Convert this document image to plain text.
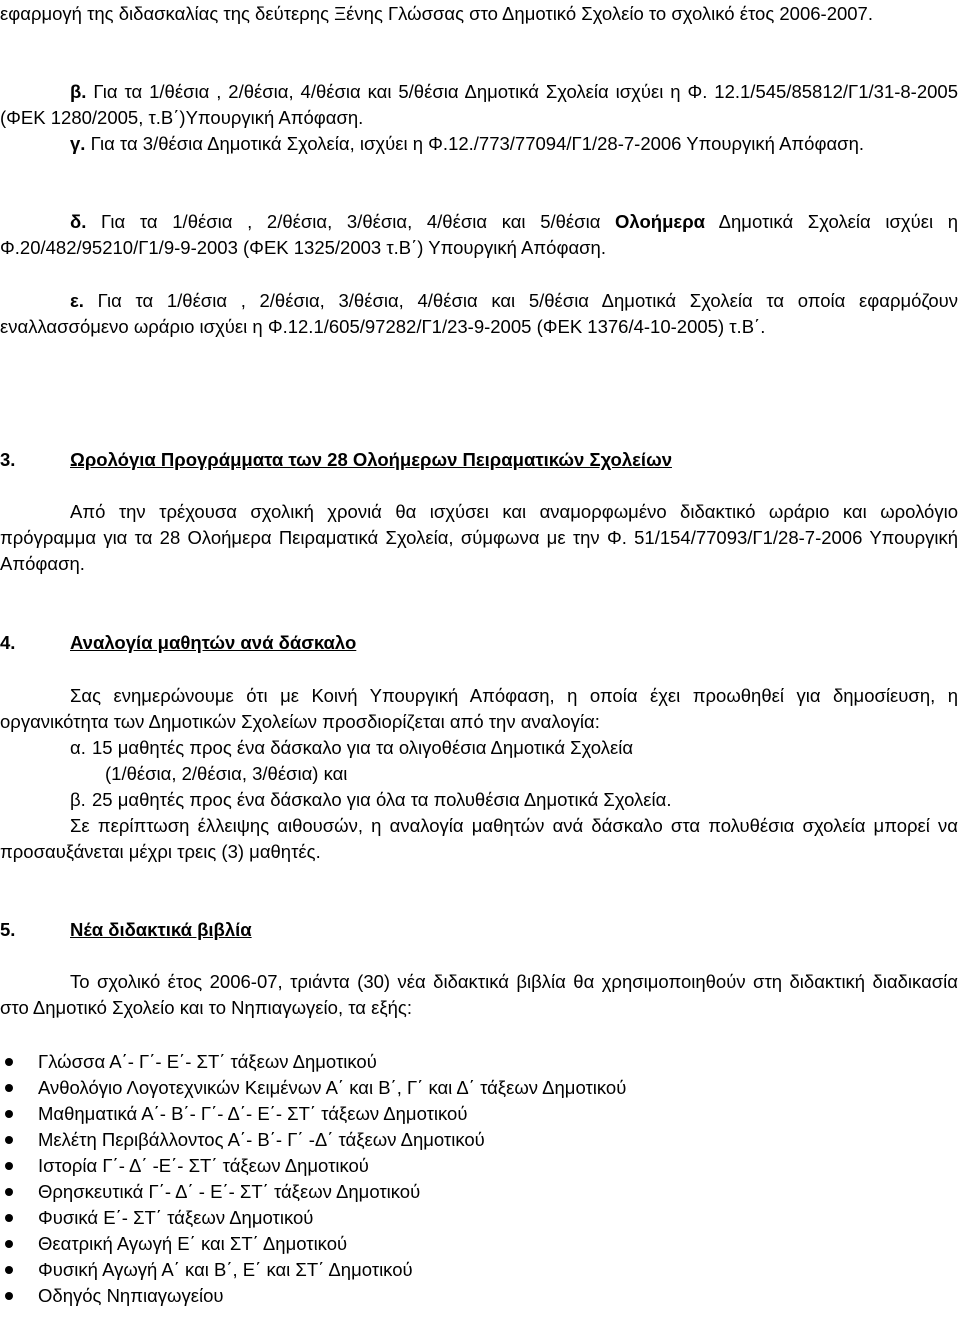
εφαρμογή της διδασκαλίας της δεύτερης Ξένης Γλώσσας στο Δημοτικό Σχολείο το σχολικό έτος 2006-2007.
β. Για τα 1/θέσια , 2/θέσια, 4/θέσια και 5/θέσια Δημοτικά Σχολεία ισχύει η Φ. 12.1/545/85812/Γ1/31-8-2005 (ΦΕΚ 1280/2005, τ.Β΄)Υπουργική Απόφαση.
γ. Για τα 3/θέσια Δημοτικά Σχολεία, ισχύει η Φ.12./773/77094/Γ1/28-7-2006 Υπουργική Απόφαση.
δ. Για τα 1/θέσια , 2/θέσια, 3/θέσια, 4/θέσια και 5/θέσια Ολοήμερα Δημοτικά Σχολεία ισχύει η Φ.20/482/95210/Γ1/9-9-2003 (ΦΕΚ 1325/2003 τ.Β΄) Υπουργική Απόφαση.
ε. Για τα 1/θέσια , 2/θέσια, 3/θέσια, 4/θέσια και 5/θέσια Δημοτικά Σχολεία τα οποία εφαρμόζουν εναλλασσόμενο ωράριο ισχύει η Φ.12.1/605/97282/Γ1/23-9-2005 (ΦΕΚ 1376/4-10-2005) τ.Β΄.
3.	Ωρολόγια Προγράμματα των 28 Ολοήμερων Πειραματικών Σχολείων
Από την τρέχουσα σχολική χρονιά θα ισχύσει και αναμορφωμένο διδακτικό ωράριο και ωρολόγιο πρόγραμμα για τα 28 Ολοήμερα Πειραματικά Σχολεία, σύμφωνα με την Φ. 51/154/77093/Γ1/28-7-2006 Υπουργική Απόφαση.
4.	Αναλογία μαθητών ανά δάσκαλο
Σας ενημερώνουμε ότι με Κοινή Υπουργική Απόφαση, η οποία έχει προωθηθεί για δημοσίευση, η οργανικότητα των Δημοτικών Σχολείων προσδιορίζεται από την αναλογία:
α. 15 μαθητές προς ένα δάσκαλο για τα ολιγοθέσια Δημοτικά Σχολεία
(1/θέσια, 2/θέσια, 3/θέσια) και
β. 25 μαθητές προς ένα δάσκαλο για όλα τα πολυθέσια Δημοτικά Σχολεία.
Σε περίπτωση έλλειψης αιθουσών, η αναλογία μαθητών ανά δάσκαλο στα πολυθέσια σχολεία μπορεί να προσαυξάνεται μέχρι τρεις (3) μαθητές.
5.	Νέα διδακτικά βιβλία
Το σχολικό έτος 2006-07, τριάντα (30) νέα διδακτικά βιβλία θα χρησιμοποιηθούν στη διδακτική διαδικασία στο Δημοτικό Σχολείο και το Νηπιαγωγείο, τα εξής:
Γλώσσα Α΄- Γ΄- Ε΄- ΣΤ΄ τάξεων Δημοτικού
Ανθολόγιο Λογοτεχνικών Κειμένων Α΄ και Β΄, Γ΄ και Δ΄ τάξεων Δημοτικού
Μαθηματικά Α΄- Β΄- Γ΄- Δ΄- Ε΄- ΣΤ΄ τάξεων Δημοτικού
Μελέτη Περιβάλλοντος Α΄- Β΄- Γ΄ -Δ΄ τάξεων Δημοτικού
Ιστορία Γ΄- Δ΄ -Ε΄- ΣΤ΄ τάξεων Δημοτικού
Θρησκευτικά Γ΄- Δ΄ - Ε΄- ΣΤ΄ τάξεων Δημοτικού
Φυσικά Ε΄- ΣΤ΄ τάξεων Δημοτικού
Θεατρική Αγωγή Ε΄ και ΣΤ΄ Δημοτικού
Φυσική Αγωγή Α΄ και Β΄, Ε΄ και ΣΤ΄ Δημοτικού
Οδηγός Νηπιαγωγείου
